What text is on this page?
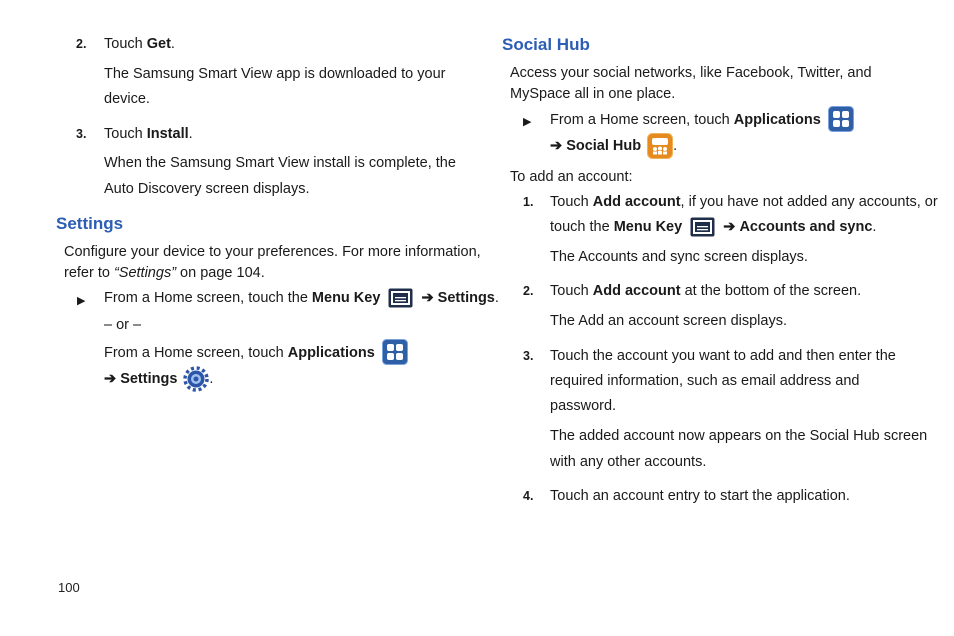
2. Touch Get.
The Samsung Smart View app is downloaded to your
device.
3. Touch Install.
When the Samsung Smart View install is complete, the
Auto Discovery screen displays.
Settings
Configure your device to your preferences. For more information,
refer to “Settings” on page 104.
▶ From a Home screen, touch the Menu Key	➔ Settings.
– or –
From a Home screen, touch Applications
➔ Settings .
Social Hub
Access your social networks, like Facebook, Twitter, and
MySpace all in one place.
▶ From a Home screen, touch Applications
➔ Social Hub .
To add an account:
1. Touch Add account, if you have not added any accounts, or
touch the Menu Key	➔ Accounts and sync.
The Accounts and sync screen displays.
2. Touch Add account at the bottom of the screen.
The Add an account screen displays.
3. Touch the account you want to add and then enter the
required information, such as email address and
password.
The added account now appears on the Social Hub screen
with any other accounts.
4. Touch an account entry to start the application.
100
